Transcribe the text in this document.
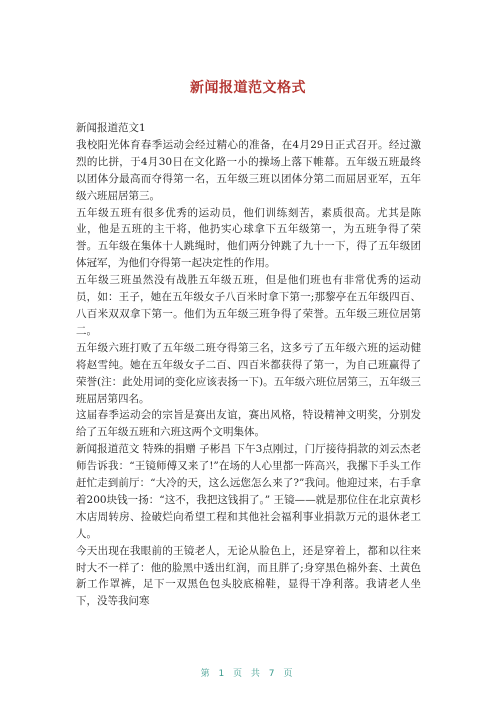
新闻报道范文格式

新闻报道范文1

我校阳光体育春季运动会经过精心的准备，在4月29日正式召开。经过激烈的比拼，于4月30日在文化路一小的操场上落下帷幕。五年级五班最终以团体分最高而夺得第一名，五年级三班以团体分第二而屈居亚军，五年级六班屈居第三。

五年级五班有很多优秀的运动员，他们训练刻苦，素质很高。尤其是陈业，他是五班的主干将，他扔实心球拿下五年级第一，为五班争得了荣誉。五年级在集体十人跳绳时，他们两分钟跳了九十一下，得了五年级团体冠军，为他们夺得第一起决定性的作用。

五年级三班虽然没有战胜五年级五班，但是他们班也有非常优秀的运动员，如：王子，她在五年级女子八百米时拿下第一;那黎亭在五年级四百、八百米双双拿下第一。他们为五年级三班争得了荣誉。五年级三班位居第二。

五年级六班打败了五年级二班夺得第三名，这多亏了五年级六班的运动健将赵雪纯。她在五年级女子二百、四百米都获得了第一，为自己班赢得了荣誉(注：此处用词的变化应该表扬一下)。五年级六班位居第三，五年级三班屈居第四名。

这届春季运动会的宗旨是赛出友谊，赛出风格，特设精神文明奖，分别发给了五年级五班和六班这两个文明集体。

新闻报道范文 特殊的捐赠 子彬昌 下午3点刚过，门厅接待捐款的刘云杰老师告诉我：“王镜师傅又来了!”在场的人心里都一阵高兴，我摞下手头工作赶忙走到前厅：“大冷的天，这么远您怎么来了?”我问。他迎过来，右手拿着200块钱一扬：“这不，我把这钱捐了。” 王镜——就是那位住在北京黄杉木店周转房、捡破烂向希望工程和其他社会福利事业捐款万元的退休老工人。

今天出现在我眼前的王镜老人，无论从脸色上，还是穿着上，都和以往来时大不一样了：他的脸黑中透出红润，而且胖了;身穿黑色棉外套、土黄色新工作罩裤，足下一双黑色包头胶底棉鞋，显得干净利落。我请老人坐下，没等我问寒

第 1 页 共 7 页
